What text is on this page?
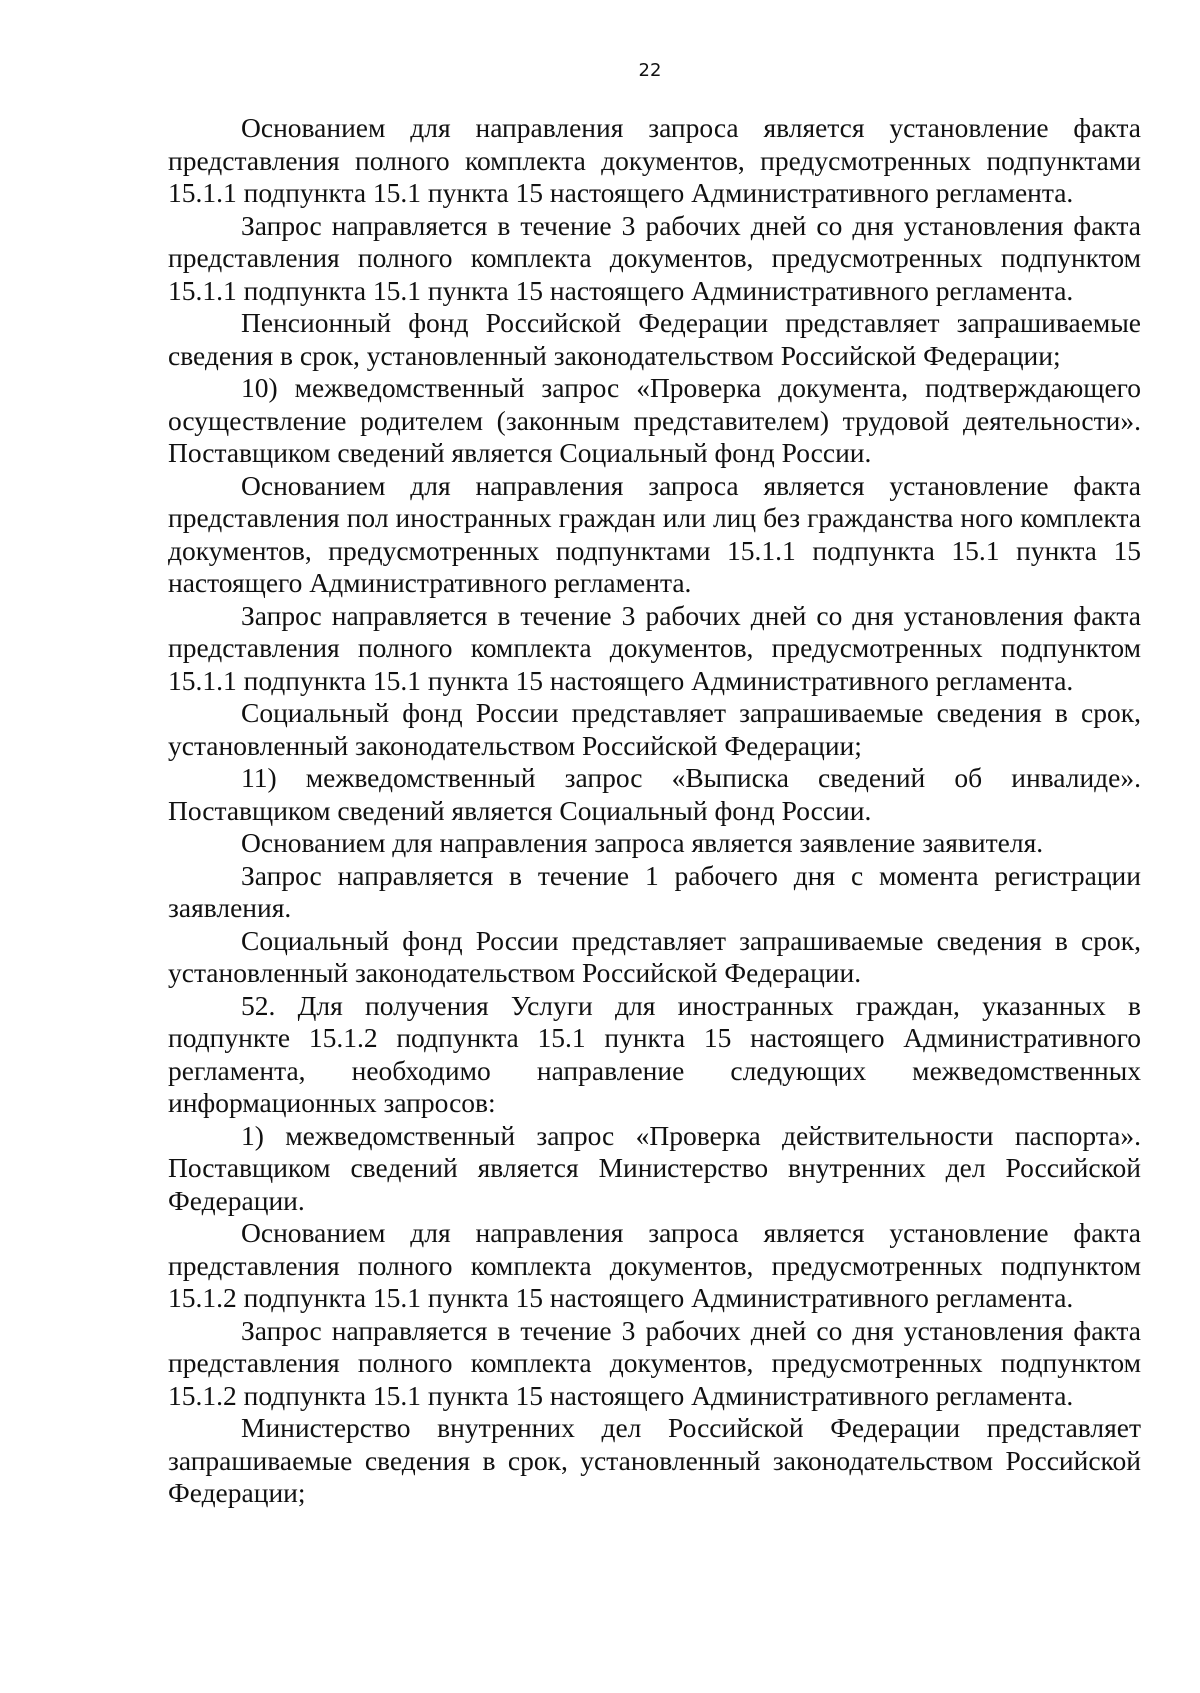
22

Основанием для направления запроса является установление факта представления полного комплекта документов, предусмотренных подпунктами 15.1.1 подпункта 15.1 пункта 15 настоящего Административного регламента.

Запрос направляется в течение 3 рабочих дней со дня установления факта представления полного комплекта документов, предусмотренных подпунктом 15.1.1 подпункта 15.1 пункта 15 настоящего Административного регламента.

Пенсионный фонд Российской Федерации представляет запрашиваемые сведения в срок, установленный законодательством Российской Федерации;

10) межведомственный запрос «Проверка документа, подтверждающего осуществление родителем (законным представителем) трудовой деятельности». Поставщиком сведений является Социальный фонд России.

Основанием для направления запроса является установление факта представления пол иностранных граждан или лиц без гражданства ного комплекта документов, предусмотренных подпунктами 15.1.1 подпункта 15.1 пункта 15 настоящего Административного регламента.

Запрос направляется в течение 3 рабочих дней со дня установления факта представления полного комплекта документов, предусмотренных подпунктом 15.1.1 подпункта 15.1 пункта 15 настоящего Административного регламента.

Социальный фонд России представляет запрашиваемые сведения в срок, установленный законодательством Российской Федерации;

11) межведомственный запрос «Выписка сведений об инвалиде». Поставщиком сведений является Социальный фонд России.

Основанием для направления запроса является заявление заявителя.

Запрос направляется в течение 1 рабочего дня с момента регистрации заявления.

Социальный фонд России представляет запрашиваемые сведения в срок, установленный законодательством Российской Федерации.

52. Для получения Услуги для иностранных граждан, указанных в подпункте 15.1.2 подпункта 15.1 пункта 15 настоящего Административного регламента, необходимо направление следующих межведомственных информационных запросов:

1) межведомственный запрос «Проверка действительности паспорта». Поставщиком сведений является Министерство внутренних дел Российской Федерации.

Основанием для направления запроса является установление факта представления полного комплекта документов, предусмотренных подпунктом 15.1.2 подпункта 15.1 пункта 15 настоящего Административного регламента.

Запрос направляется в течение 3 рабочих дней со дня установления факта представления полного комплекта документов, предусмотренных подпунктом 15.1.2 подпункта 15.1 пункта 15 настоящего Административного регламента.

Министерство внутренних дел Российской Федерации представляет запрашиваемые сведения в срок, установленный законодательством Российской Федерации;
